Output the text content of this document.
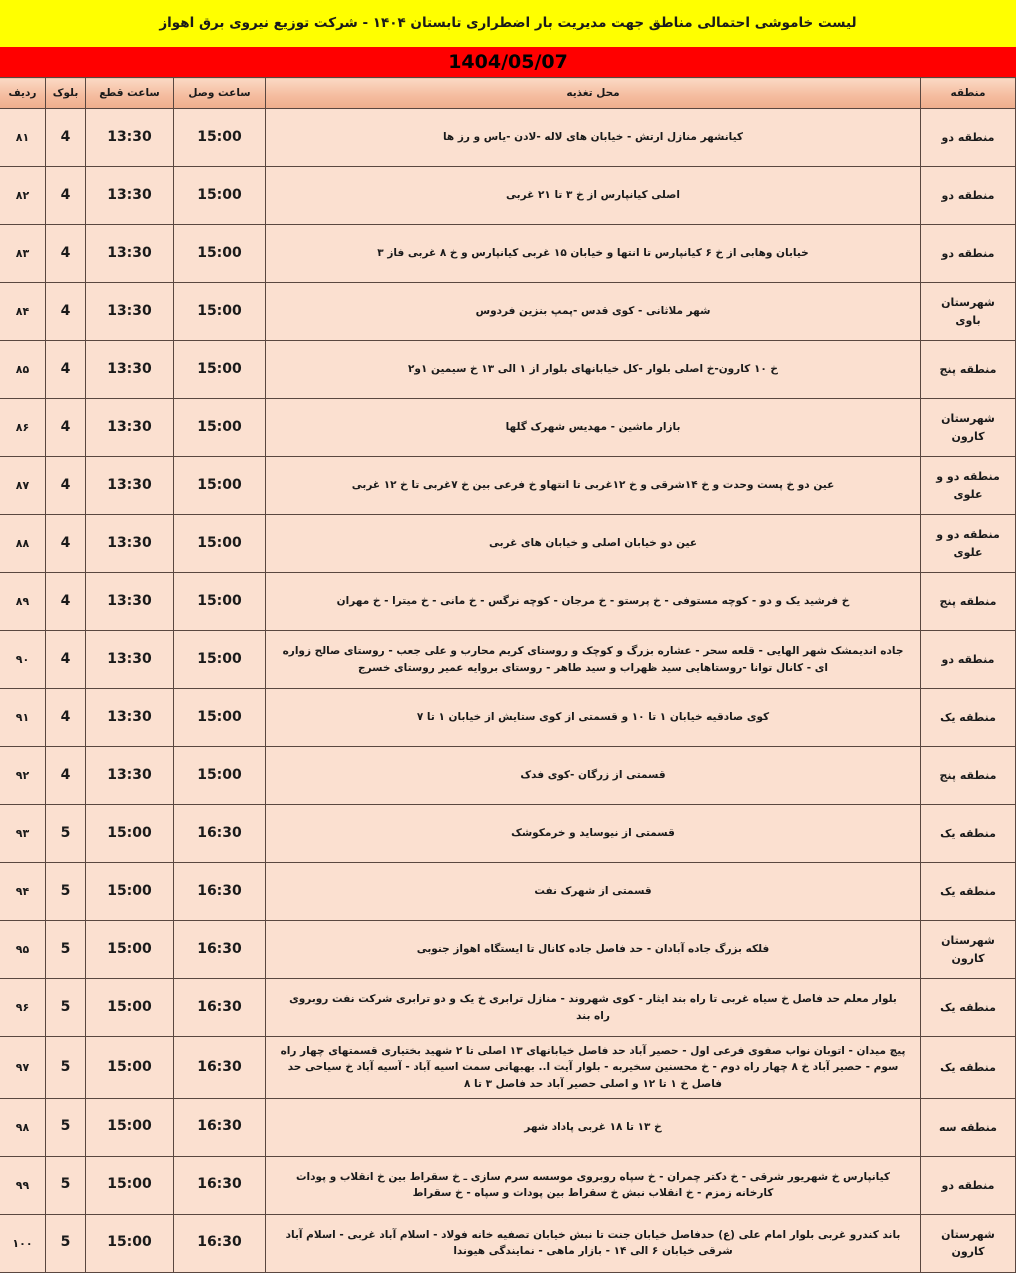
لیست خاموشی احتمالی مناطق جهت مدیریت بار اضطراری تابستان ۱۴۰۴ - شرکت توزیع نیروی برق اهواز
1404/05/07
منطقه	محل تغذیه	ساعت وصل	ساعت قطع	بلوک	ردیف
منطقه دو	کیانشهر منازل ارتش - خیابان های لاله -لادن -یاس و رز ها	15:00	13:30	4	۸۱
منطقه دو	اصلی کیانپارس از خ ۳ تا ۲۱ غربی	15:00	13:30	4	۸۲
منطقه دو	خیابان وهابی از خ ۶ کیانپارس تا انتها و خیابان ۱۵ غربی کیانپارس و خ ۸ غربی فاز ۳	15:00	13:30	4	۸۳
شهرستان باوی	شهر ملاثانی - کوی قدس -پمپ بنزین فردوس	15:00	13:30	4	۸۴
منطقه پنج	خ ۱۰ کارون-خ اصلی بلوار -کل خیابانهای بلوار از ۱ الی ۱۳ خ سیمین ۱و۲	15:00	13:30	4	۸۵
شهرستان کارون	بازار ماشین - مهدیس شهرک گلها	15:00	13:30	4	۸۶
منطقه دو و علوی	عین دو خ پست وحدت و خ ۱۴شرقی و خ ۱۲غربی تا انتهاو خ فرعی بین خ ۷غربی تا خ ۱۲ غربی	15:00	13:30	4	۸۷
منطقه دو و علوی	عین دو خیابان اصلی و خیابان های غربی	15:00	13:30	4	۸۸
منطقه پنج	خ فرشید یک و دو - کوچه مستوفی - خ پرستو - خ مرجان - کوچه نرگس - خ مانی - خ میترا - خ مهران	15:00	13:30	4	۸۹
منطقه دو	جاده اندیمشک شهر الهایی - قلعه سحر - عشاره بزرگ و کوچک و روستای کریم محارب و علی جعب - روستای صالح زواره ای - کانال توانا -روستاهایی سید ظهراب و سید طاهر - روستای بروایه عمیر روستای خسرج	15:00	13:30	4	۹۰
منطقه یک	کوی صادقیه خیابان ۱ تا ۱۰ و قسمتی از کوی ستایش از خیابان ۱ تا ۷	15:00	13:30	4	۹۱
منطقه پنج	قسمتی از زرگان -کوی فدک	15:00	13:30	4	۹۲
منطقه یک	قسمتی از نیوساید و خرمکوشک	16:30	15:00	5	۹۳
منطقه یک	قسمتی از شهرک نفت	16:30	15:00	5	۹۴
شهرستان کارون	فلکه بزرگ جاده آبادان - حد فاصل جاده کانال تا ایستگاه اهواز جنوبی	16:30	15:00	5	۹۵
منطقه یک	بلوار معلم حد فاصل خ سیاه غربی تا راه بند ایثار - کوی شهروند - منازل ترابری خ یک و دو ترابری شرکت نفت روبروی راه بند	16:30	15:00	5	۹۶
منطقه یک	پیچ میدان - اتوبان نواب صفوی فرعی اول - حصیر آباد حد فاصل خیابانهای ۱۳ اصلی تا ۲ شهید بختیاری قسمتهای چهار راه سوم - حصیر آباد خ ۸ چهار راه دوم - خ محسنین سخیربه - بلوار آیت ا.. بهبهانی سمت اسیه آباد - آسیه آباد خ سیاحی حد فاصل خ ۱ تا ۱۲ و اصلی حصیر آباد حد فاصل ۳ تا ۸	16:30	15:00	5	۹۷
منطقه سه	خ ۱۳ تا ۱۸ غربی پاداد شهر	16:30	15:00	5	۹۸
منطقه دو	کیانپارس خ شهریور شرقی - خ دکتر چمران - خ سپاه روبروی موسسه سرم سازی ـ خ سقراط بین خ انقلاب و پودات کارخانه زمزم - خ انقلاب نبش خ سقراط بین پودات و سپاه - خ سقراط	16:30	15:00	5	۹۹
شهرستان کارون	باند کندرو غربی بلوار امام علی (ع) حدفاصل خیابان جنت تا نبش خیابان تصفیه خانه فولاد - اسلام آباد غربی - اسلام آباد شرقی خیابان ۶ الی ۱۴ - بازار ماهی - نمایندگی هیوندا	16:30	15:00	5	۱۰۰
